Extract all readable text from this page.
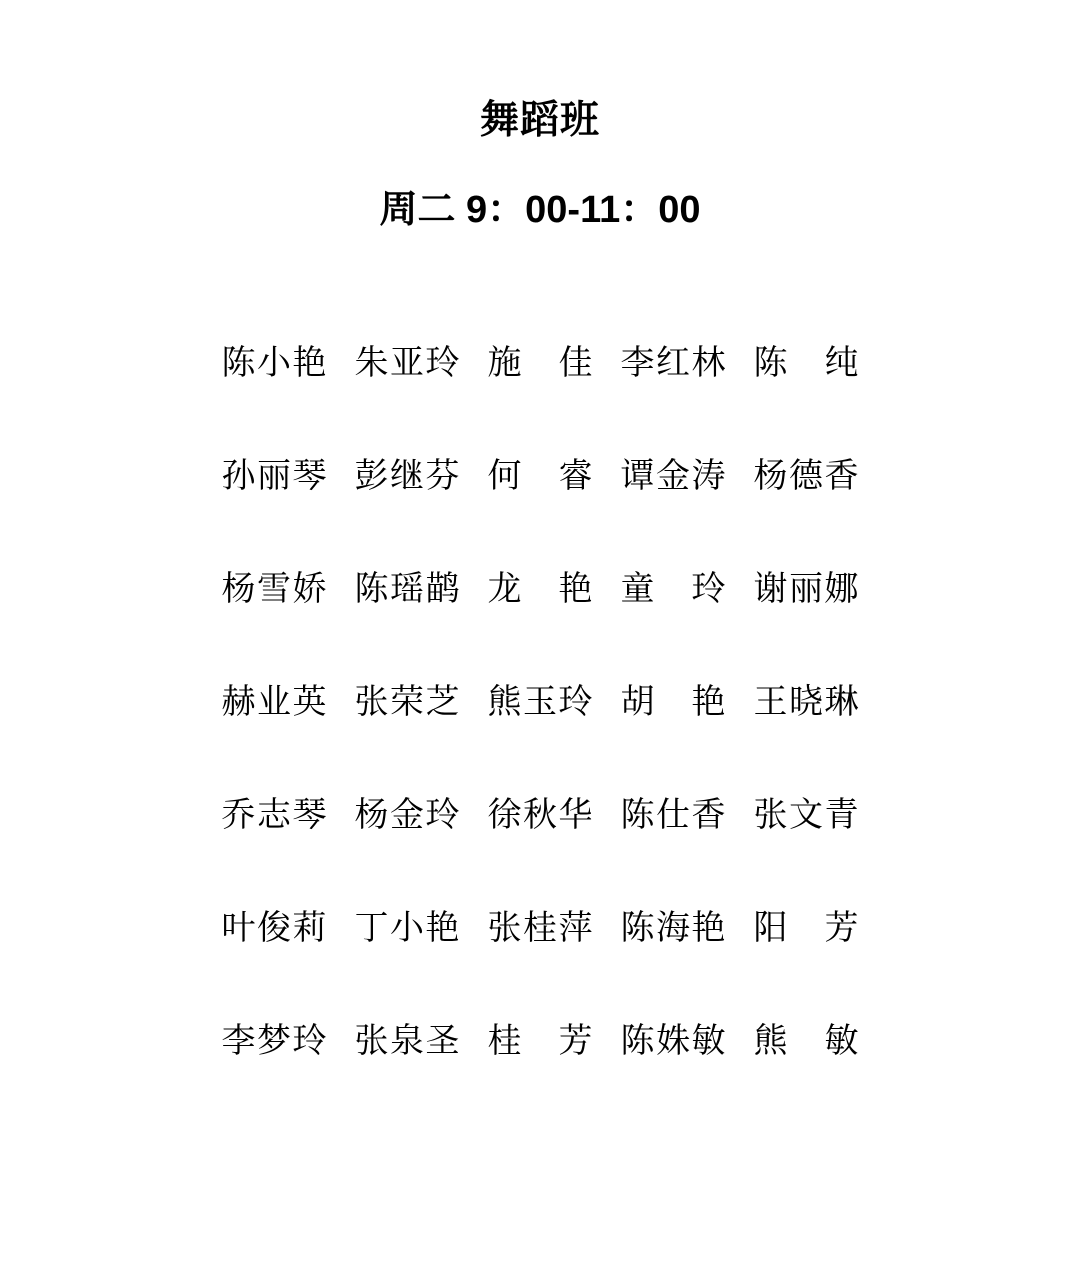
舞蹈班
周二 9：00-11：00
陈小艳 朱亚玲 施佳 李红林 陈纯
孙丽琴 彭继芬 何睿 谭金涛 杨德香
杨雪娇 陈瑶鹋 龙艳 童玲 谢丽娜
赫业英 张荣芝 熊玉玲 胡艳 王晓琳
乔志琴 杨金玲 徐秋华 陈仕香 张文青
叶俊莉 丁小艳 张桂萍 陈海艳 阳芳
李梦玲 张泉圣 桂芳 陈姝敏 熊敏
